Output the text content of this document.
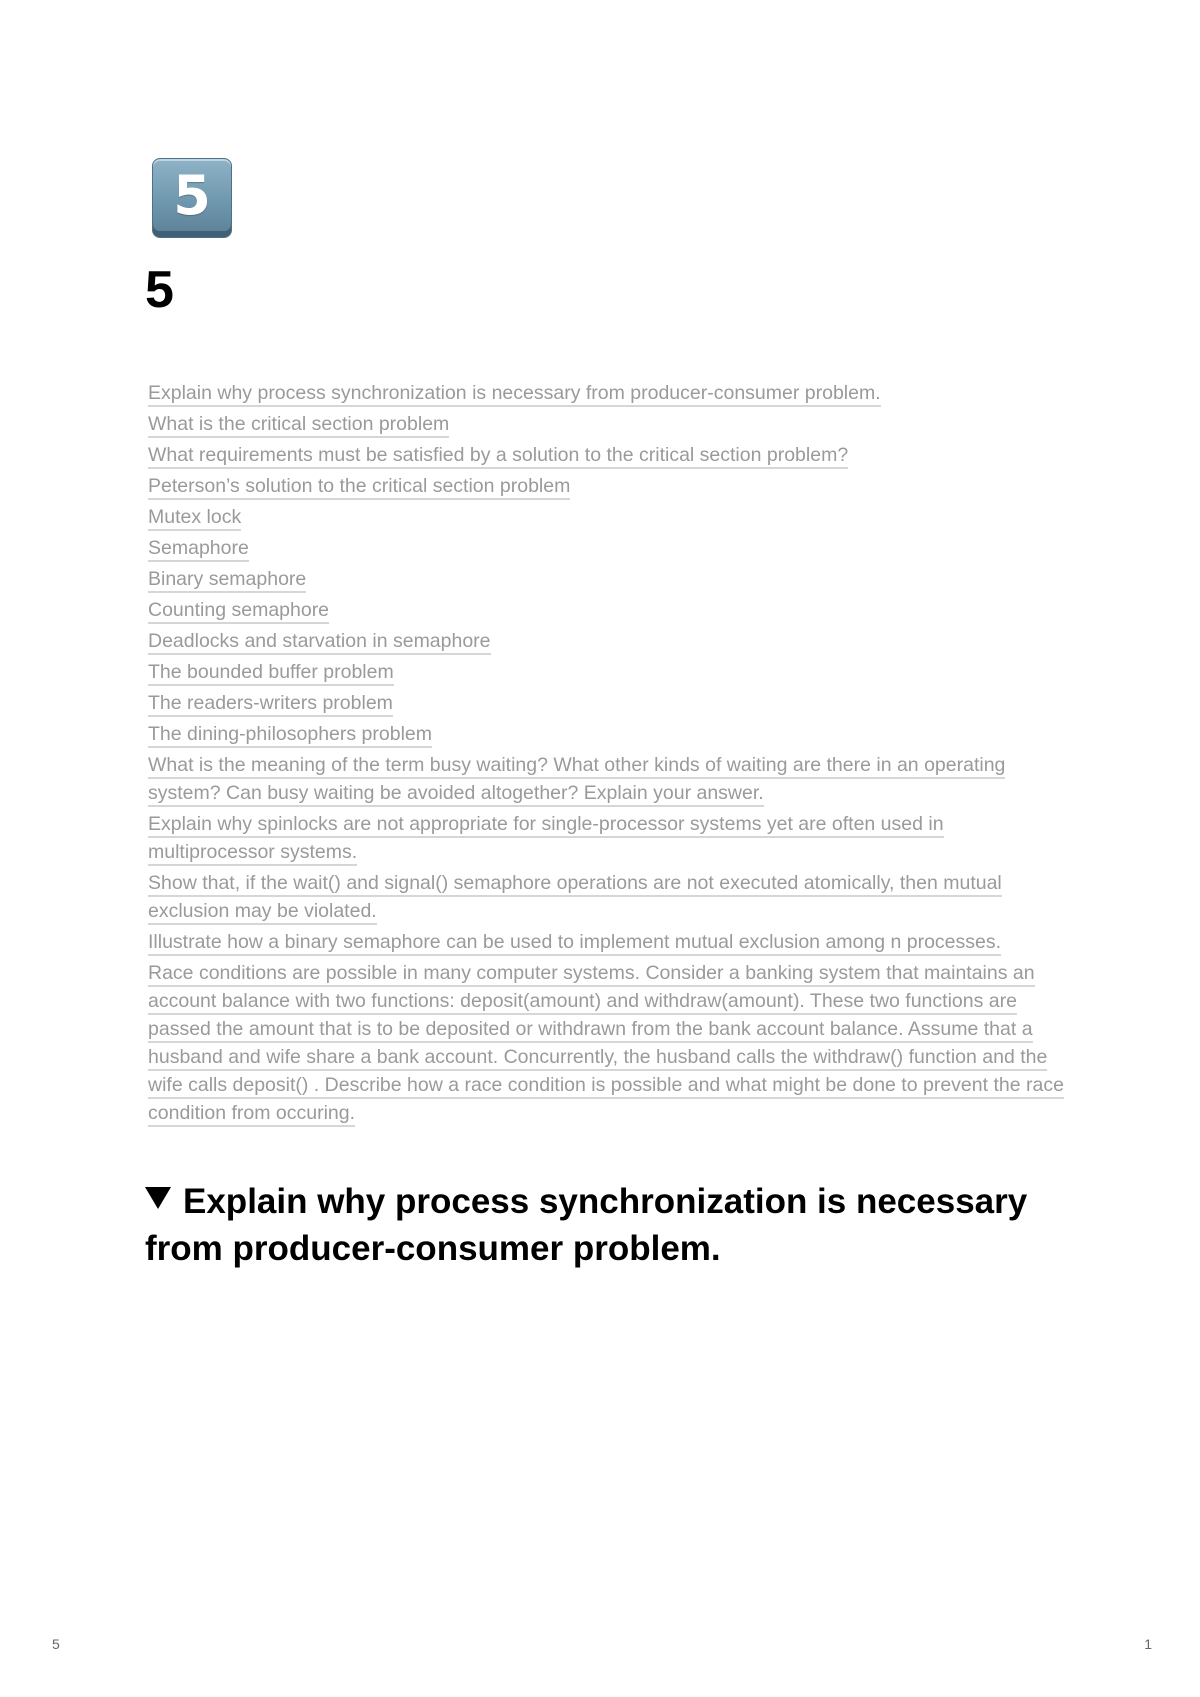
5
5
Explain why process synchronization is necessary from producer-consumer problem.
What is the critical section problem
What requirements must be satisfied by a solution to the critical section problem?
Peterson’s solution to the critical section problem
Mutex lock
Semaphore
Binary semaphore
Counting semaphore
Deadlocks and starvation in semaphore
The bounded buffer problem
The readers-writers problem
The dining-philosophers problem
What is the meaning of the term busy waiting? What other kinds of waiting are there in an operating system? Can busy waiting be avoided altogether? Explain your answer.
Explain why spinlocks are not appropriate for single-processor systems yet are often used in multiprocessor systems.
Show that, if the wait() and signal() semaphore operations are not executed atomically, then mutual exclusion may be violated.
Illustrate how a binary semaphore can be used to implement mutual exclusion among n processes.
Race conditions are possible in many computer systems. Consider a banking system that maintains an account balance with two functions: deposit(amount) and withdraw(amount). These two functions are passed the amount that is to be deposited or withdrawn from the bank account balance. Assume that a husband and wife share a bank account. Concurrently, the husband calls the withdraw() function and the wife calls deposit() . Describe how a race condition is possible and what might be done to prevent the race condition from occuring.
Explain why process synchronization is necessary from producer-consumer problem.
5	1
